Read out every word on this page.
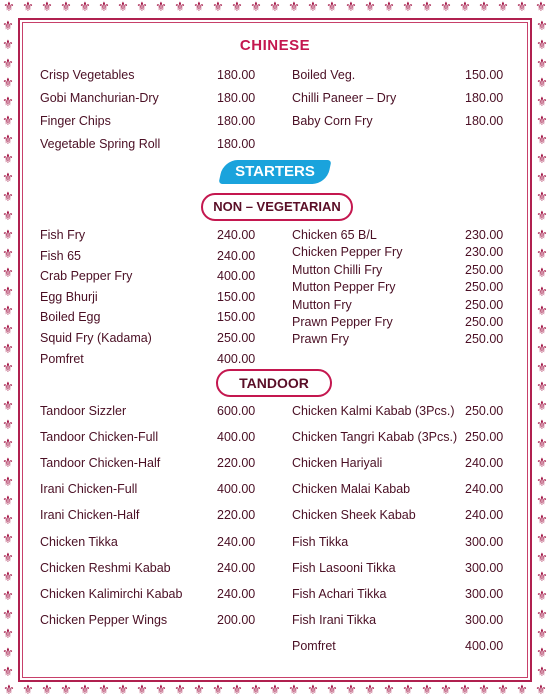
⚜
⚜
⚜
⚜
⚜
⚜
⚜
⚜
⚜
⚜
⚜
⚜
⚜
⚜
⚜
⚜
⚜
⚜
⚜
⚜
⚜
⚜
⚜
⚜
⚜
⚜
⚜
⚜
⚜
⚜
⚜
⚜
⚜
⚜
⚜
⚜
⚜
⚜
⚜
⚜
⚜
⚜
⚜
⚜
⚜
⚜
⚜
⚜
⚜
⚜
⚜
⚜
⚜
⚜
⚜
⚜
⚜
⚜
⚜	⚜
⚜	⚜
⚜	⚜
⚜	⚜
⚜	⚜
⚜	⚜
⚜	⚜
⚜	⚜
⚜	⚜
⚜	⚜
⚜	⚜
⚜	⚜
⚜	⚜
⚜	⚜
⚜	⚜
⚜	⚜
⚜	⚜
⚜	⚜
⚜	⚜
⚜	⚜
⚜	⚜
⚜	⚜
⚜	⚜
⚜	⚜
⚜	⚜
⚜	⚜
⚜	⚜
⚜	⚜
⚜	⚜
⚜	⚜
⚜	⚜
⚜	⚜
⚜	⚜
⚜	⚜
⚜	⚜
CHINESE
Crisp Vegetables	180.00
Gobi Manchurian-Dry	180.00
Finger Chips	180.00
Vegetable Spring Roll	180.00
Boiled Veg.	150.00
Chilli Paneer – Dry	180.00
Baby Corn Fry	180.00
STARTERS
NON – VEGETARIAN
Fish Fry	240.00
Fish 65	240.00
Crab Pepper Fry	400.00
Egg Bhurji	150.00
Boiled Egg	150.00
Squid Fry (Kadama)	250.00
Pomfret	400.00
Chicken 65 B/L	230.00
Chicken Pepper Fry	230.00
Mutton Chilli Fry	250.00
Mutton Pepper Fry	250.00
Mutton Fry	250.00
Prawn Pepper Fry	250.00
Prawn Fry	250.00
TANDOOR
Tandoor Sizzler	600.00
Tandoor Chicken-Full	400.00
Tandoor Chicken-Half	220.00
Irani Chicken-Full	400.00
Irani Chicken-Half	220.00
Chicken Tikka	240.00
Chicken Reshmi Kabab	240.00
Chicken Kalimirchi Kabab	240.00
Chicken Pepper Wings	200.00
Chicken Kalmi Kabab (3Pcs.) 250.00
Chicken Tangri Kabab (3Pcs.) 250.00
Chicken Hariyali	240.00
Chicken Malai Kabab	240.00
Chicken Sheek Kabab	240.00
Fish Tikka	300.00
Fish Lasooni Tikka	300.00
Fish Achari Tikka	300.00
Fish Irani Tikka	300.00
Pomfret	400.00
